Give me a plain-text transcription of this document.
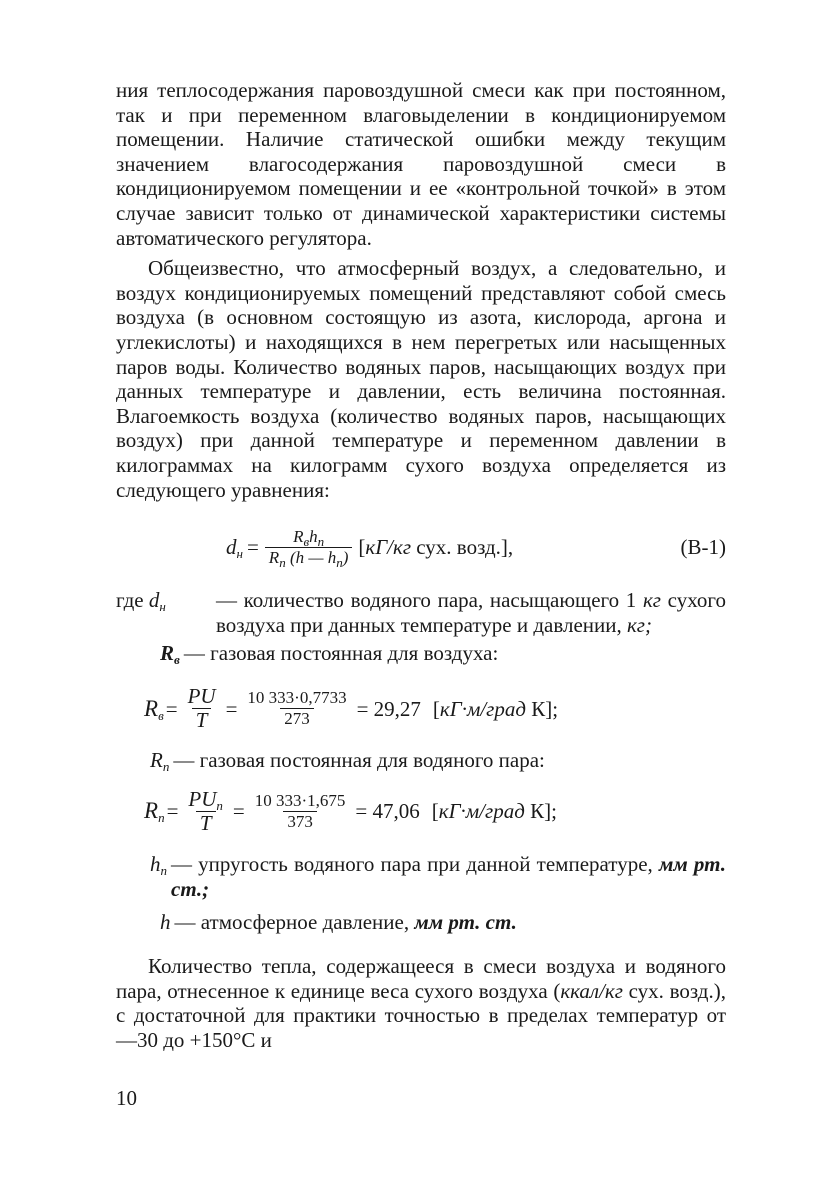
ния теплосодержания паровоздушной смеси как при постоянном, так и при переменном влаговыделении в кондиционируемом помещении. Наличие статической ошибки между текущим значением влагосодержания паровоздушной смеси в кондиционируемом помещении и ее «контрольной точкой» в этом случае зависит только от динамической характеристики системы автоматического регулятора.

Общеизвестно, что атмосферный воздух, а следовательно, и воздух кондиционируемых помещений представляют собой смесь воздуха (в основном состоящую из азота, кислорода, аргона и углекислоты) и находящихся в нем перегретых или насыщенных паров воды. Количество водяных паров, насыщающих воздух при данных температуре и давлении, есть величина постоянная. Влагоемкость воздуха (количество водяных паров, насыщающих воздух) при данной температуре и переменном давлении в килограммах на килограмм сухого воздуха определяется из следующего уравнения:

$d_н = \frac{R_вh_п}{R_п (h — h_п)} [кГ/кг$ сух. возд.],	(В-1)
где $d_н$	— количество водяного пара, насыщающего 1 кг сухого воздуха при данных температуре и давлении, кг;
$R_в$ — газовая постоянная для воздуха:
$R_в = \frac{PU}{T} = \frac{10 333\cdot 0,7733}{273} = 29,27$ [кГ·м/град К];
$R_п$ — газовая постоянная для водяного пара:
$R_п = \frac{PU_п}{T} = \frac{10 333\cdot 1,675}{373} = 47,06$ [кГ·м/град К];
$h_п$ — упругость водяного пара при данной температуре, мм рт. ст.;
h — атмосферное давление, мм рт. ст.

Количество тепла, содержащееся в смеси воздуха и водяного пара, отнесенное к единице веса сухого воздуха (ккал/кг сух. возд.), с достаточной для практики точностью в пределах температур от —30 до +150°С и

10
